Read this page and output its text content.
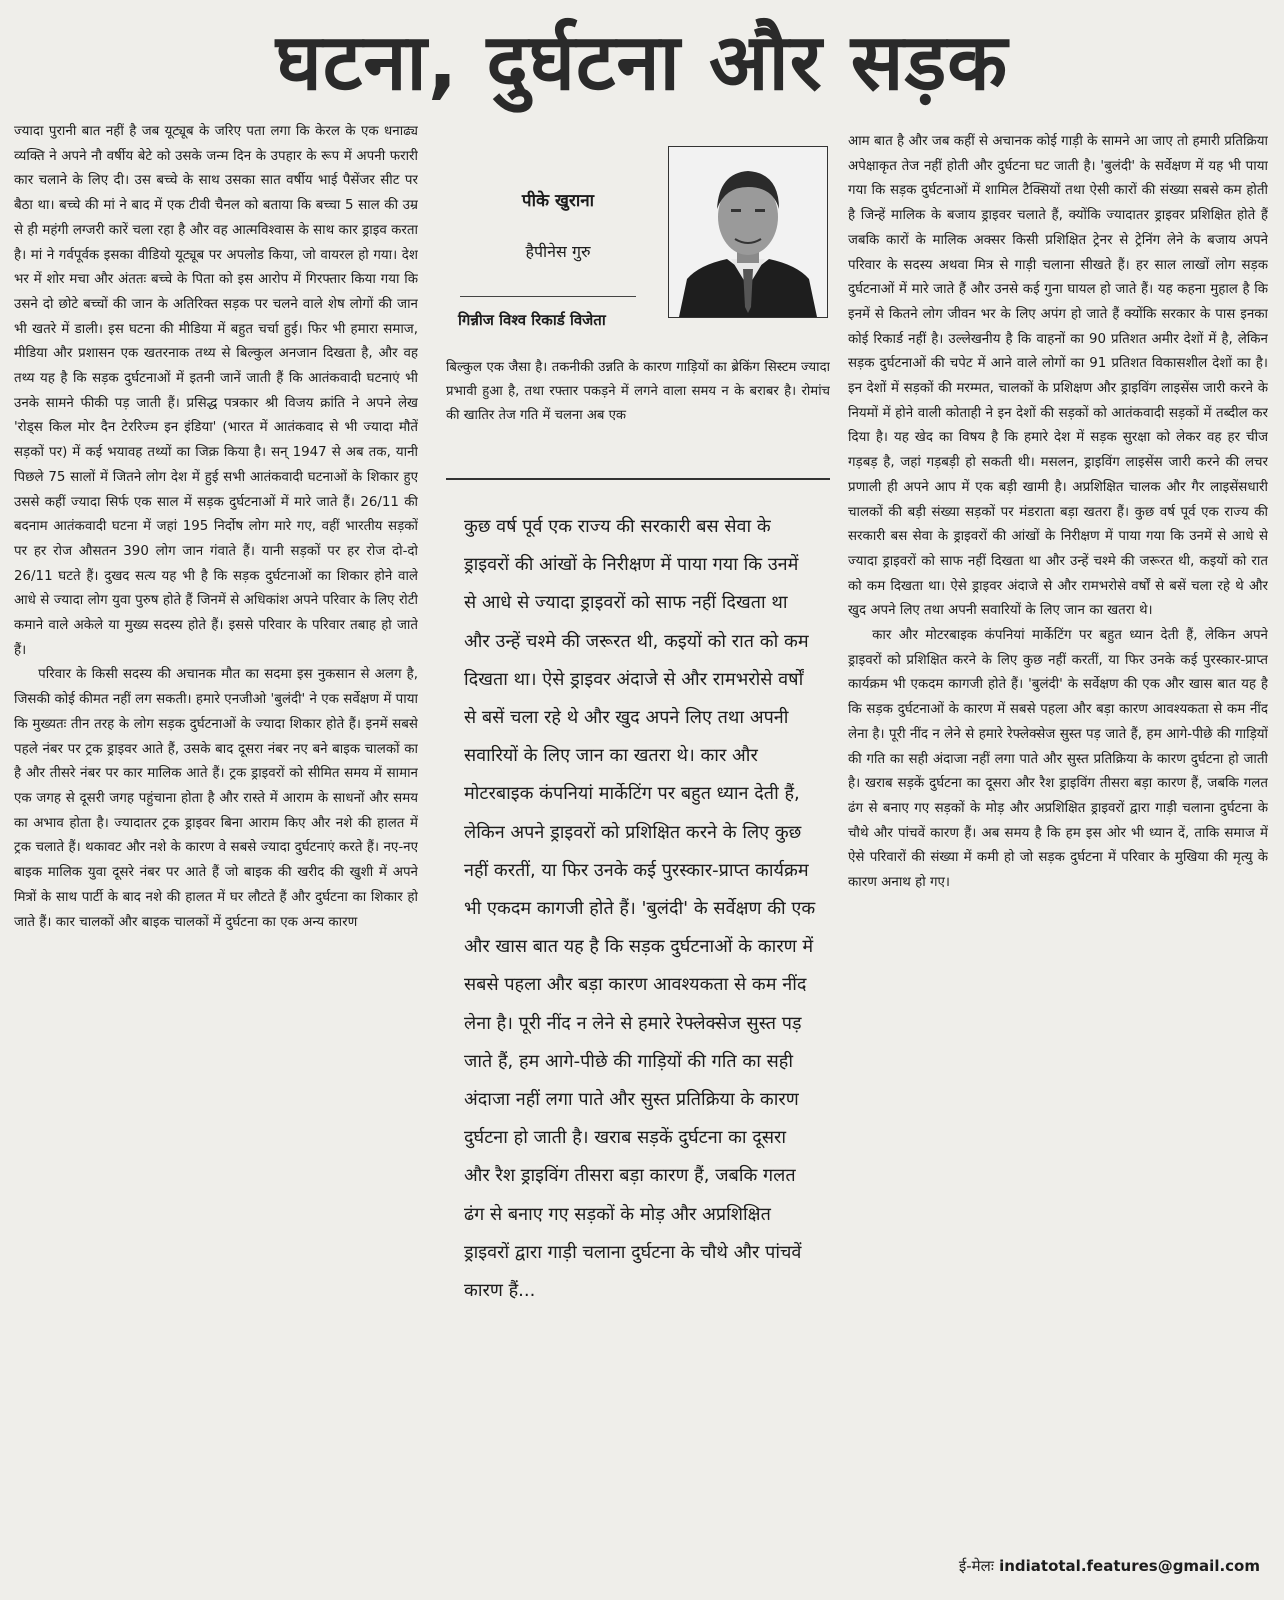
घटना, दुर्घटना और सड़क

ज्यादा पुरानी बात नहीं है जब यूट्यूब के जरिए पता लगा कि केरल के एक धनाढ्य व्यक्ति ने अपने नौ वर्षीय बेटे को उसके जन्म दिन के उपहार के रूप में अपनी फरारी कार चलाने के लिए दी। उस बच्चे के साथ उसका सात वर्षीय भाई पैसेंजर सीट पर बैठा था। बच्चे की मां ने बाद में एक टीवी चैनल को बताया कि बच्चा 5 साल की उम्र से ही महंगी लग्जरी कारें चला रहा है और वह आत्मविश्वास के साथ कार ड्राइव करता है। मां ने गर्वपूर्वक इसका वीडियो यूट्यूब पर अपलोड किया, जो वायरल हो गया। देश भर में शोर मचा और अंततः बच्चे के पिता को इस आरोप में गिरफ्तार किया गया कि उसने दो छोटे बच्चों की जान के अतिरिक्त सड़क पर चलने वाले शेष लोगों की जान भी खतरे में डाली। इस घटना की मीडिया में बहुत चर्चा हुई। फिर भी हमारा समाज, मीडिया और प्रशासन एक खतरनाक तथ्य से बिल्कुल अनजान दिखता है, और वह तथ्य यह है कि सड़क दुर्घटनाओं में इतनी जानें जाती हैं कि आतंकवादी घटनाएं भी उनके सामने फीकी पड़ जाती हैं। प्रसिद्ध पत्रकार श्री विजय क्रांति ने अपने लेख 'रोड्स किल मोर दैन टेररिज्म इन इंडिया' (भारत में आतंकवाद से भी ज्यादा मौतें सड़कों पर) में कई भयावह तथ्यों का जिक्र किया है। सन् 1947 से अब तक, यानी पिछले 75 सालों में जितने लोग देश में हुई सभी आतंकवादी घटनाओं के शिकार हुए उससे कहीं ज्यादा सिर्फ एक साल में सड़क दुर्घटनाओं में मारे जाते हैं। 26/11 की बदनाम आतंकवादी घटना में जहां 195 निर्दोष लोग मारे गए, वहीं भारतीय सड़कों पर हर रोज औसतन 390 लोग जान गंवाते हैं। यानी सड़कों पर हर रोज दो-दो 26/11 घटते हैं। दुखद सत्य यह भी है कि सड़क दुर्घटनाओं का शिकार होने वाले आधे से ज्यादा लोग युवा पुरुष होते हैं जिनमें से अधिकांश अपने परिवार के लिए रोटी कमाने वाले अकेले या मुख्य सदस्य होते हैं। इससे परिवार के परिवार तबाह हो जाते हैं।

परिवार के किसी सदस्य की अचानक मौत का सदमा इस नुकसान से अलग है, जिसकी कोई कीमत नहीं लग सकती। हमारे एनजीओ 'बुलंदी' ने एक सर्वेक्षण में पाया कि मुख्यतः तीन तरह के लोग सड़क दुर्घटनाओं के ज्यादा शिकार होते हैं। इनमें सबसे पहले नंबर पर ट्रक ड्राइवर आते हैं, उसके बाद दूसरा नंबर नए बने बाइक चालकों का है और तीसरे नंबर पर कार मालिक आते हैं। ट्रक ड्राइवरों को सीमित समय में सामान एक जगह से दूसरी जगह पहुंचाना होता है और रास्ते में आराम के साधनों और समय का अभाव होता है। ज्यादातर ट्रक ड्राइवर बिना आराम किए और नशे की हालत में ट्रक चलाते हैं। थकावट और नशे के कारण वे सबसे ज्यादा दुर्घटनाएं करते हैं। नए-नए बाइक मालिक युवा दूसरे नंबर पर आते हैं जो बाइक की खरीद की खुशी में अपने मित्रों के साथ पार्टी के बाद नशे की हालत में घर लौटते हैं और दुर्घटना का शिकार हो जाते हैं। कार चालकों और बाइक चालकों में दुर्घटना का एक अन्य कारण

पीके खुराना
हैपीनेस गुरु
गिन्नीज विश्व रिकार्ड विजेता

बिल्कुल एक जैसा है। तकनीकी उन्नति के कारण गाड़ियों का ब्रेकिंग सिस्टम ज्यादा प्रभावी हुआ है, तथा रफ्तार पकड़ने में लगने वाला समय न के बराबर है। रोमांच की खातिर तेज गति में चलना अब एक

कुछ वर्ष पूर्व एक राज्य की सरकारी बस सेवा के ड्राइवरों की आंखों के निरीक्षण में पाया गया कि उनमें से आधे से ज्यादा ड्राइवरों को साफ नहीं दिखता था और उन्हें चश्मे की जरूरत थी, कइयों को रात को कम दिखता था। ऐसे ड्राइवर अंदाजे से और रामभरोसे वर्षों से बसें चला रहे थे और खुद अपने लिए तथा अपनी सवारियों के लिए जान का खतरा थे। कार और मोटरबाइक कंपनियां मार्केटिंग पर बहुत ध्यान देती हैं, लेकिन अपने ड्राइवरों को प्रशिक्षित करने के लिए कुछ नहीं करतीं, या फिर उनके कई पुरस्कार-प्राप्त कार्यक्रम भी एकदम कागजी होते हैं। 'बुलंदी' के सर्वेक्षण की एक और खास बात यह है कि सड़क दुर्घटनाओं के कारण में सबसे पहला और बड़ा कारण आवश्यकता से कम नींद लेना है। पूरी नींद न लेने से हमारे रेफ्लेक्सेज सुस्त पड़ जाते हैं, हम आगे-पीछे की गाड़ियों की गति का सही अंदाजा नहीं लगा पाते और सुस्त प्रतिक्रिया के कारण दुर्घटना हो जाती है। खराब सड़कें दुर्घटना का दूसरा और रैश ड्राइविंग तीसरा बड़ा कारण हैं, जबकि गलत ढंग से बनाए गए सड़कों के मोड़ और अप्रशिक्षित ड्राइवरों द्वारा गाड़ी चलाना दुर्घटना के चौथे और पांचवें कारण हैं...

आम बात है और जब कहीं से अचानक कोई गाड़ी के सामने आ जाए तो हमारी प्रतिक्रिया अपेक्षाकृत तेज नहीं होती और दुर्घटना घट जाती है। 'बुलंदी' के सर्वेक्षण में यह भी पाया गया कि सड़क दुर्घटनाओं में शामिल टैक्सियों तथा ऐसी कारों की संख्या सबसे कम होती है जिन्हें मालिक के बजाय ड्राइवर चलाते हैं, क्योंकि ज्यादातर ड्राइवर प्रशिक्षित होते हैं जबकि कारों के मालिक अक्सर किसी प्रशिक्षित ट्रेनर से ट्रेनिंग लेने के बजाय अपने परिवार के सदस्य अथवा मित्र से गाड़ी चलाना सीखते हैं। हर साल लाखों लोग सड़क दुर्घटनाओं में मारे जाते हैं और उनसे कई गुना घायल हो जाते हैं। यह कहना मुहाल है कि इनमें से कितने लोग जीवन भर के लिए अपंग हो जाते हैं क्योंकि सरकार के पास इनका कोई रिकार्ड नहीं है। उल्लेखनीय है कि वाहनों का 90 प्रतिशत अमीर देशों में है, लेकिन सड़क दुर्घटनाओं की चपेट में आने वाले लोगों का 91 प्रतिशत विकासशील देशों का है। इन देशों में सड़कों की मरम्मत, चालकों के प्रशिक्षण और ड्राइविंग लाइसेंस जारी करने के नियमों में होने वाली कोताही ने इन देशों की सड़कों को आतंकवादी सड़कों में तब्दील कर दिया है। यह खेद का विषय है कि हमारे देश में सड़क सुरक्षा को लेकर वह हर चीज गड़बड़ है, जहां गड़बड़ी हो सकती थी। मसलन, ड्राइविंग लाइसेंस जारी करने की लचर प्रणाली ही अपने आप में एक बड़ी खामी है। अप्रशिक्षित चालक और गैर लाइसेंसधारी चालकों की बड़ी संख्या सड़कों पर मंडराता बड़ा खतरा हैं। कुछ वर्ष पूर्व एक राज्य की सरकारी बस सेवा के ड्राइवरों की आंखों के निरीक्षण में पाया गया कि उनमें से आधे से ज्यादा ड्राइवरों को साफ नहीं दिखता था और उन्हें चश्मे की जरूरत थी, कइयों को रात को कम दिखता था। ऐसे ड्राइवर अंदाजे से और रामभरोसे वर्षों से बसें चला रहे थे और खुद अपने लिए तथा अपनी सवारियों के लिए जान का खतरा थे।

कार और मोटरबाइक कंपनियां मार्केटिंग पर बहुत ध्यान देती हैं, लेकिन अपने ड्राइवरों को प्रशिक्षित करने के लिए कुछ नहीं करतीं, या फिर उनके कई पुरस्कार-प्राप्त कार्यक्रम भी एकदम कागजी होते हैं। 'बुलंदी' के सर्वेक्षण की एक और खास बात यह है कि सड़क दुर्घटनाओं के कारण में सबसे पहला और बड़ा कारण आवश्यकता से कम नींद लेना है। पूरी नींद न लेने से हमारे रेफ्लेक्सेज सुस्त पड़ जाते हैं, हम आगे-पीछे की गाड़ियों की गति का सही अंदाजा नहीं लगा पाते और सुस्त प्रतिक्रिया के कारण दुर्घटना हो जाती है। खराब सड़कें दुर्घटना का दूसरा और रैश ड्राइविंग तीसरा बड़ा कारण हैं, जबकि गलत ढंग से बनाए गए सड़कों के मोड़ और अप्रशिक्षित ड्राइवरों द्वारा गाड़ी चलाना दुर्घटना के चौथे और पांचवें कारण हैं। अब समय है कि हम इस ओर भी ध्यान दें, ताकि समाज में ऐसे परिवारों की संख्या में कमी हो जो सड़क दुर्घटना में परिवार के मुखिया की मृत्यु के कारण अनाथ हो गए।

ई-मेलः indiatotal.features@gmail.com
